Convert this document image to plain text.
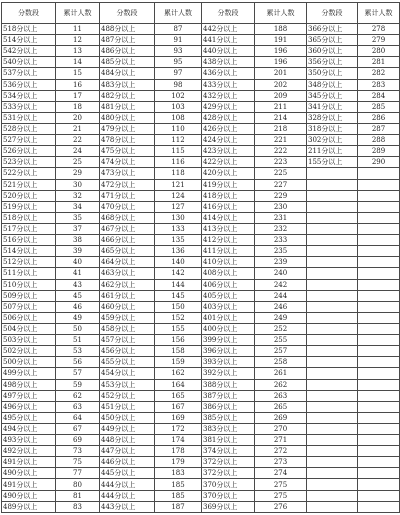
分数段	累计人数	分数段	累计人数	分数段	累计人数	分数段	累计人数
518分以上	11	488分以上	87	442分以上	188	366分以上	278
514分以上	12	487分以上	91	441分以上	191	365分以上	279
542分以上	13	486分以上	93	440分以上	196	360分以上	280
540分以上	14	485分以上	95	438分以上	196	356分以上	281
537分以上	15	484分以上	97	436分以上	201	350分以上	282
536分以上	16	483分以上	98	433分以上	202	348分以上	283
534分以上	17	482分以上	102	432分以上	209	345分以上	284
533分以上	18	481分以上	103	429分以上	211	341分以上	285
531分以上	20	480分以上	108	428分以上	214	328分以上	286
528分以上	21	479分以上	110	426分以上	218	318分以上	287
527分以上	22	478分以上	112	424分以上	221	302分以上	288
526分以上	24	475分以上	115	423分以上	222	211分以上	289
523分以上	25	474分以上	116	422分以上	223	155分以上	290
522分以上	29	473分以上	118	420分以上	225		
521分以上	30	472分以上	121	419分以上	227		
520分以上	32	471分以上	124	418分以上	229		
519分以上	34	470分以上	127	416分以上	230		
518分以上	35	468分以上	130	414分以上	231		
517分以上	37	467分以上	133	413分以上	232		
516分以上	38	466分以上	135	412分以上	233		
514分以上	39	465分以上	136	411分以上	235		
512分以上	40	464分以上	140	410分以上	239		
511分以上	41	463分以上	142	408分以上	240		
510分以上	43	462分以上	144	406分以上	242		
509分以上	45	461分以上	145	405分以上	244		
507分以上	46	460分以上	150	403分以上	246		
506分以上	49	459分以上	152	401分以上	249		
504分以上	50	458分以上	155	400分以上	252		
503分以上	51	457分以上	156	399分以上	255		
502分以上	53	456分以上	158	396分以上	257		
500分以上	56	455分以上	159	393分以上	258		
499分以上	57	454分以上	162	392分以上	261		
498分以上	59	453分以上	164	388分以上	262		
497分以上	62	452分以上	165	387分以上	263		
496分以上	63	451分以上	167	386分以上	265		
495分以上	64	450分以上	169	385分以上	269		
494分以上	67	449分以上	172	383分以上	270		
493分以上	69	448分以上	174	381分以上	271		
492分以上	73	447分以上	178	374分以上	272		
491分以上	75	446分以上	179	372分以上	273		
490分以上	77	445分以上	183	372分以上	274		
491分以上	80	444分以上	185	370分以上	275		
490分以上	81	444分以上	185	370分以上	275		
489分以上	83	443分以上	187	369分以上	276		
